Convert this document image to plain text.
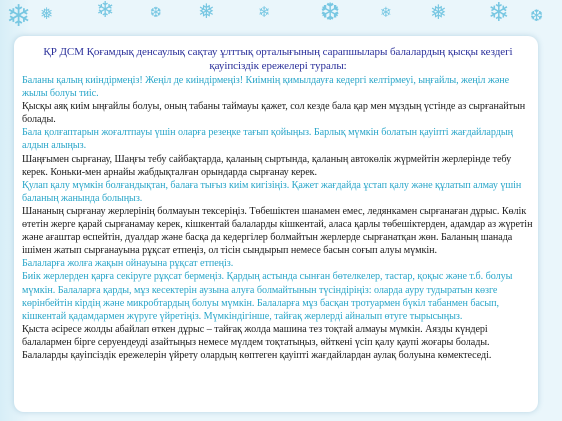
❄ ❅ ❄	❆ ❅	❄ ❆	❄ ❅ ❄ ❆
ҚР ДСМ Қоғамдық денсаулық сақтау ұлттық орталығының сарапшылары балалардың қысқы кездегі қауіпсіздік ережелері туралы:

Баланы қалың киіндірмеңіз! Жеңіл де киіндірмеңіз! Киімнің қимылдауға кедергі келтірмеуі, ыңғайлы, жеңіл және жылы болуы тиіс.

Қысқы аяқ киім ыңғайлы болуы, оның табаны таймауы қажет, сол кезде бала қар мен мұздың үстінде аз сырғанайтын болады.

Бала қолғаптарын жоғалтпауы үшін оларға резеңке тағып қойыңыз. Барлық мүмкін болатын қауіпті жағдайлардың алдын алыңыз.

Шаңғымен сырғанау, Шаңғы тебу сайбақтарда, қаланың сыртында, қаланың автокөлік жүрмейтін жерлерінде тебу керек. Коньки-мен арнайы жабдықталған орындарда сырғанау керек.

Қулап қалу мүмкін болғандықтан, балаға тығыз киім кигізіңіз. Қажет жағдайда ұстап қалу және құлатып алмау үшін баланың жанында болыңыз.

Шананың сырғанау жерлерінің болмауын тексеріңіз. Төбешіктен шанамен емес, ледянкамен сырғанаған дұрыс. Көлік өтетін жерге қарай сырғанамау керек, кішкентай балаларды кішкентай, аласа қарлы төбешіктерден, адамдар аз жүретін және ағаштар өспейтін, дуалдар және басқа да кедергілер болмайтын жерлерде сырғанатқан жөн. Баланың шанада ішімен жатып сырғанауына рұқсат етпеңіз, ол тісін сындырып немесе басын соғып алуы мүмкін.

Балаларға жолға жақын ойнауына рұқсат етпеңіз.

Биік жерлерден қарға секіруге рұқсат бермеңіз. Қардың астында сынған бөтелкелер, тастар, қоқыс және т.б. болуы мүмкін. Балаларға қарды, мұз кесектерін аузына алуға болмайтынын түсіндіріңіз: оларда ауру тудыратын көзге көрінбейтін кірдің және микробтардың болуы мүмкін. Балаларға мұз басқан тротуармен бүкіл табанмен басып, кішкентай қадамдармен жүруге үйретіңіз. Мүмкіндігінше, тайғақ жерлерді айналып өтуге тырысыңыз.

Қыста әсіресе жолды абайлап өткен дұрыс – тайғақ жолда машина тез тоқтай алмауы мүмкін. Аязды күндері балалармен бірге серуендеуді азайтыңыз немесе мүлдем тоқтатыңыз, өйткені үсіп қалу қаупі жоғары болады. Балаларды қауіпсіздік ережелерін үйрету олардың көптеген қауіпті жағдайлардан аулақ болуына көмектеседі.
